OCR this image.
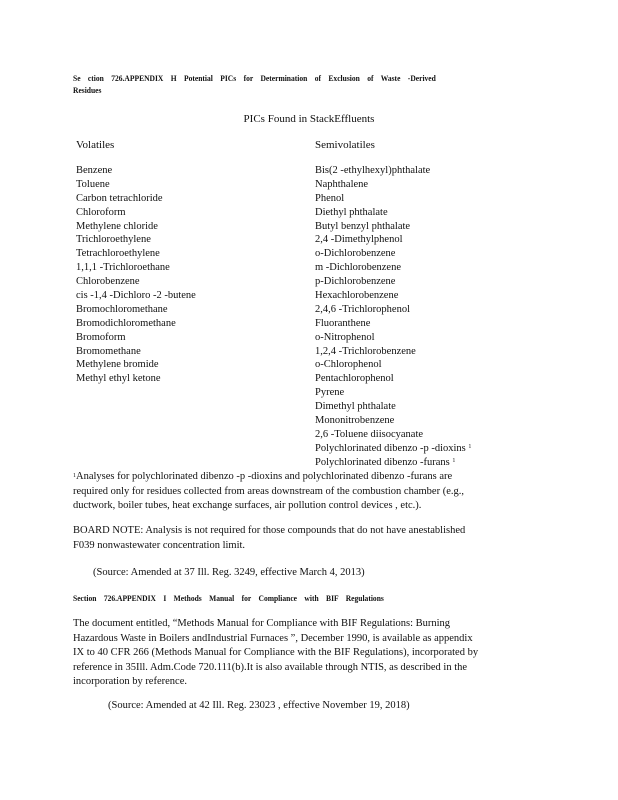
Se ction 726.APPENDIX H Potential PICs for Determination of Exclusion of Waste -Derived
Residues
PICs Found in StackEffluents
Volatiles	Semivolatiles
Benzene
Toluene
Carbon tetrachloride
Chloroform
Methylene chloride
Trichloroethylene
Tetrachloroethylene
1,1,1 -Trichloroethane
Chlorobenzene
cis -1,4 -Dichloro -2 -butene
Bromochloromethane
Bromodichloromethane
Bromoform
Bromomethane
Methylene bromide
Methyl ethyl ketone
Bis(2 -ethylhexyl)phthalate
Naphthalene
Phenol
Diethyl phthalate
Butyl benzyl phthalate
2,4 -Dimethylphenol
o-Dichlorobenzene
m -Dichlorobenzene
p-Dichlorobenzene
Hexachlorobenzene
2,4,6 -Trichlorophenol
Fluoranthene
o-Nitrophenol
1,2,4 -Trichlorobenzene
o-Chlorophenol
Pentachlorophenol
Pyrene
Dimethyl phthalate
Mononitrobenzene
2,6 -Toluene diisocyanate
Polychlorinated dibenzo -p -dioxins $^1$
Polychlorinated dibenzo -furans $^1$
$^1$Analyses for polychlorinated dibenzo -p -dioxins and polychlorinated dibenzo -furans are
required only for residues collected from areas downstream of the combustion chamber (e.g.,
ductwork, boiler tubes, heat exchange surfaces, air pollution control devices , etc.).
BOARD NOTE: Analysis is not required for those compounds that do not have anestablished
F039 nonwastewater concentration limit.
(Source: Amended at 37 Ill. Reg. 3249, effective March 4, 2013)
Section 726.APPENDIX I Methods Manual for Compliance with BIF Regulations
The document entitled, “Methods Manual for Compliance with BIF Regulations: Burning
Hazardous Waste in Boilers andIndustrial Furnaces ”, December 1990, is available as appendix
IX to 40 CFR 266 (Methods Manual for Compliance with the BIF Regulations), incorporated by
reference in 35Ill. Adm.Code 720.111(b).It is also available through NTIS, as described in the
incorporation by reference.
(Source: Amended at 42 Ill. Reg. 23023 , effective November 19, 2018)
